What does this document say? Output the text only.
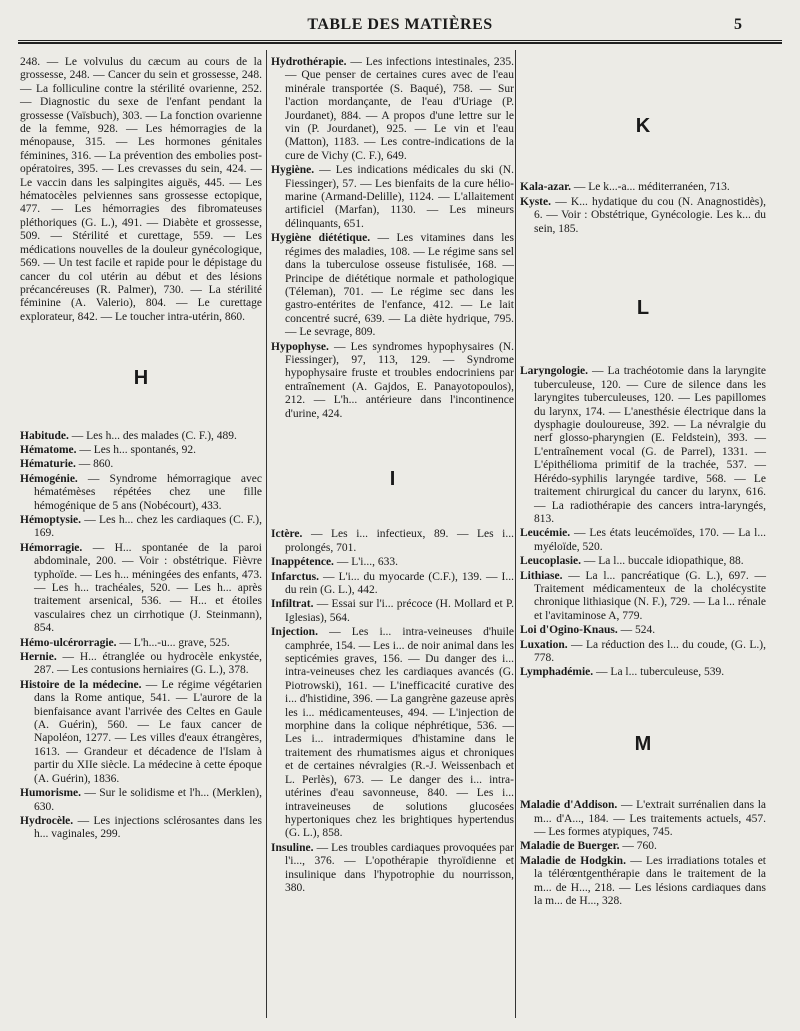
TABLE DES MATIÈRES	5

248. — Le volvulus du cæcum au cours de la grossesse, 248. — Cancer du sein et grossesse, 248. — La folliculine contre la stérilité ovarienne, 252. — Diagnostic du sexe de l'enfant pendant la grossesse (Vaïsbuch), 303. — La fonction ovarienne de la femme, 928. — Les hémorragies de la ménopause, 315. — Les hormones génitales féminines, 316. — La prévention des embolies post-opératoires, 395. — Les crevasses du sein, 424. — Le vaccin dans les salpingites aiguës, 445. — Les hématocèles pelviennes sans grossesse ectopique, 477. — Les hémorragies des fibromateuses pléthoriques (G. L.), 491. — Diabète et grossesse, 509. — Stérilité et curettage, 559. — Les médications nouvelles de la douleur gynécologique, 569. — Un test facile et rapide pour le dépistage du cancer du col utérin au début et des lésions précancéreuses (R. Palmer), 730. — La stérilité féminine (A. Valerio), 804. — Le curettage explorateur, 842. — Le toucher intra-utérin, 860.

H

Habitude. — Les h... des malades (C. F.), 489.

Hématome. — Les h... spontanés, 92.

Hématurie. — 860.

Hémogénie. — Syndrome hémorragique avec hématémèses répétées chez une fille hémogénique de 5 ans (Nobécourt), 433.

Hémoptysie. — Les h... chez les cardiaques (C. F.), 169.

Hémorragie. — H... spontanée de la paroi abdominale, 200. — Voir : obstétrique. Fièvre typhoïde. — Les h... méningées des enfants, 473. — Les h... trachéales, 520. — Les h... après traitement arsenical, 536. — H... et étoiles vasculaires chez un cirrhotique (J. Steinmann), 854.

Hémo-ulcérorragie. — L'h...-u... grave, 525.

Hernie. — H... étranglée ou hydrocèle enkystée, 287. — Les contusions herniaires (G. L.), 378.

Histoire de la médecine. — Le régime végétarien dans la Rome antique, 541. — L'aurore de la bienfaisance avant l'arrivée des Celtes en Gaule (A. Guérin), 560. — Le faux cancer de Napoléon, 1277. — Les villes d'eaux étrangères, 1613. — Grandeur et décadence de l'Islam à partir du XIIe siècle. La médecine à cette époque (A. Guérin), 1836.

Humorisme. — Sur le solidisme et l'h... (Merklen), 630.

Hydrocèle. — Les injections sclérosantes dans les h... vaginales, 299.

Hydrothérapie. — Les infections intestinales, 235. — Que penser de certaines cures avec de l'eau minérale transportée (S. Baqué), 758. — Sur l'action mordançante, de l'eau d'Uriage (P. Jourdanet), 884. — A propos d'une lettre sur le vin (P. Jourdanet), 925. — Le vin et l'eau (Matton), 1183. — Les contre-indications de la cure de Vichy (C. F.), 649.

Hygiène. — Les indications médicales du ski (N. Fiessinger), 57. — Les bienfaits de la cure hélio-marine (Armand-Delille), 1124. — L'allaitement artificiel (Marfan), 1130. — Les mineurs délinquants, 651.

Hygiène diététique. — Les vitamines dans les régimes des maladies, 108. — Le régime sans sel dans la tuberculose osseuse fistulisée, 168. — Principe de diététique normale et pathologique (Téleman), 701. — Le régime sec dans les gastro-entérites de l'enfance, 412. — Le lait concentré sucré, 639. — La diète hydrique, 795. — Le sevrage, 809.

Hypophyse. — Les syndromes hypophysaires (N. Fiessinger), 97, 113, 129. — Syndrome hypophysaire fruste et troubles endocriniens par entraînement (A. Gajdos, E. Panayotopoulos), 212. — L'h... antérieure dans l'incontinence d'urine, 424.

I

Ictère. — Les i... infectieux, 89. — Les i... prolongés, 701.

Inappétence. — L'i..., 633.

Infarctus. — L'i... du myocarde (C.F.), 139. — I... du rein (G. L.), 442.

Infiltrat. — Essai sur l'i... précoce (H. Mollard et P. Iglesias), 564.

Injection. — Les i... intra-veineuses d'huile camphrée, 154. — Les i... de noir animal dans les septicémies graves, 156. — Du danger des i... intra-veineuses chez les cardiaques avancés (G. Piotrowski), 161. — L'inefficacité curative des i... d'histidine, 396. — La gangrène gazeuse après les i... médicamenteuses, 494. — L'injection de morphine dans la colique néphrétique, 536. — Les i... intradermiques d'histamine dans le traitement des rhumatismes aigus et chroniques et de certaines névralgies (R.-J. Weissenbach et L. Perlès), 673. — Le danger des i... intra-utérines d'eau savonneuse, 840. — Les i... intraveineuses de solutions glucosées hypertoniques chez les brightiques hypertendus (G. L.), 858.

Insuline. — Les troubles cardiaques provoquées par l'i..., 376. — L'opothérapie thyroïdienne et insulinique dans l'hypotrophie du nourrisson, 380.

K

Kala-azar. — Le k...-a... méditerranéen, 713.

Kyste. — K... hydatique du cou (N. Anagnostidès), 6. — Voir : Obstétrique, Gynécologie. Les k... du sein, 185.

L

Laryngologie. — La trachéotomie dans la laryngite tuberculeuse, 120. — Cure de silence dans les laryngites tuberculeuses, 120. — Les papillomes du larynx, 174. — L'anesthésie électrique dans la dysphagie douloureuse, 392. — La névralgie du nerf glosso-pharyngien (E. Feldstein), 393. — L'entraînement vocal (G. de Parrel), 1331. — L'épithélioma primitif de la trachée, 537. — Hérédo-syphilis laryngée tardive, 568. — Le traitement chirurgical du cancer du larynx, 616. — La radiothérapie des cancers intra-laryngés, 813.

Leucémie. — Les états leucémoïdes, 170. — La l... myéloïde, 520.

Leucoplasie. — La l... buccale idiopathique, 88.

Lithiase. — La l... pancréatique (G. L.), 697. — Traitement médicamenteux de la cholécystite chronique lithiasique (N. F.), 729. — La l... rénale et l'avitaminose A, 779.

Loi d'Ogino-Knaus. — 524.

Luxation. — La réduction des l... du coude, (G. L.), 778.

Lymphadémie. — La l... tuberculeuse, 539.

M

Maladie d'Addison. — L'extrait surrénalien dans la m... d'A..., 184. — Les traitements actuels, 457. — Les formes atypiques, 745.

Maladie de Buerger. — 760.

Maladie de Hodgkin. — Les irradiations totales et la télérœntgenthérapie dans le traitement de la m... de H..., 218. — Les lésions cardiaques dans la m... de H..., 328.
